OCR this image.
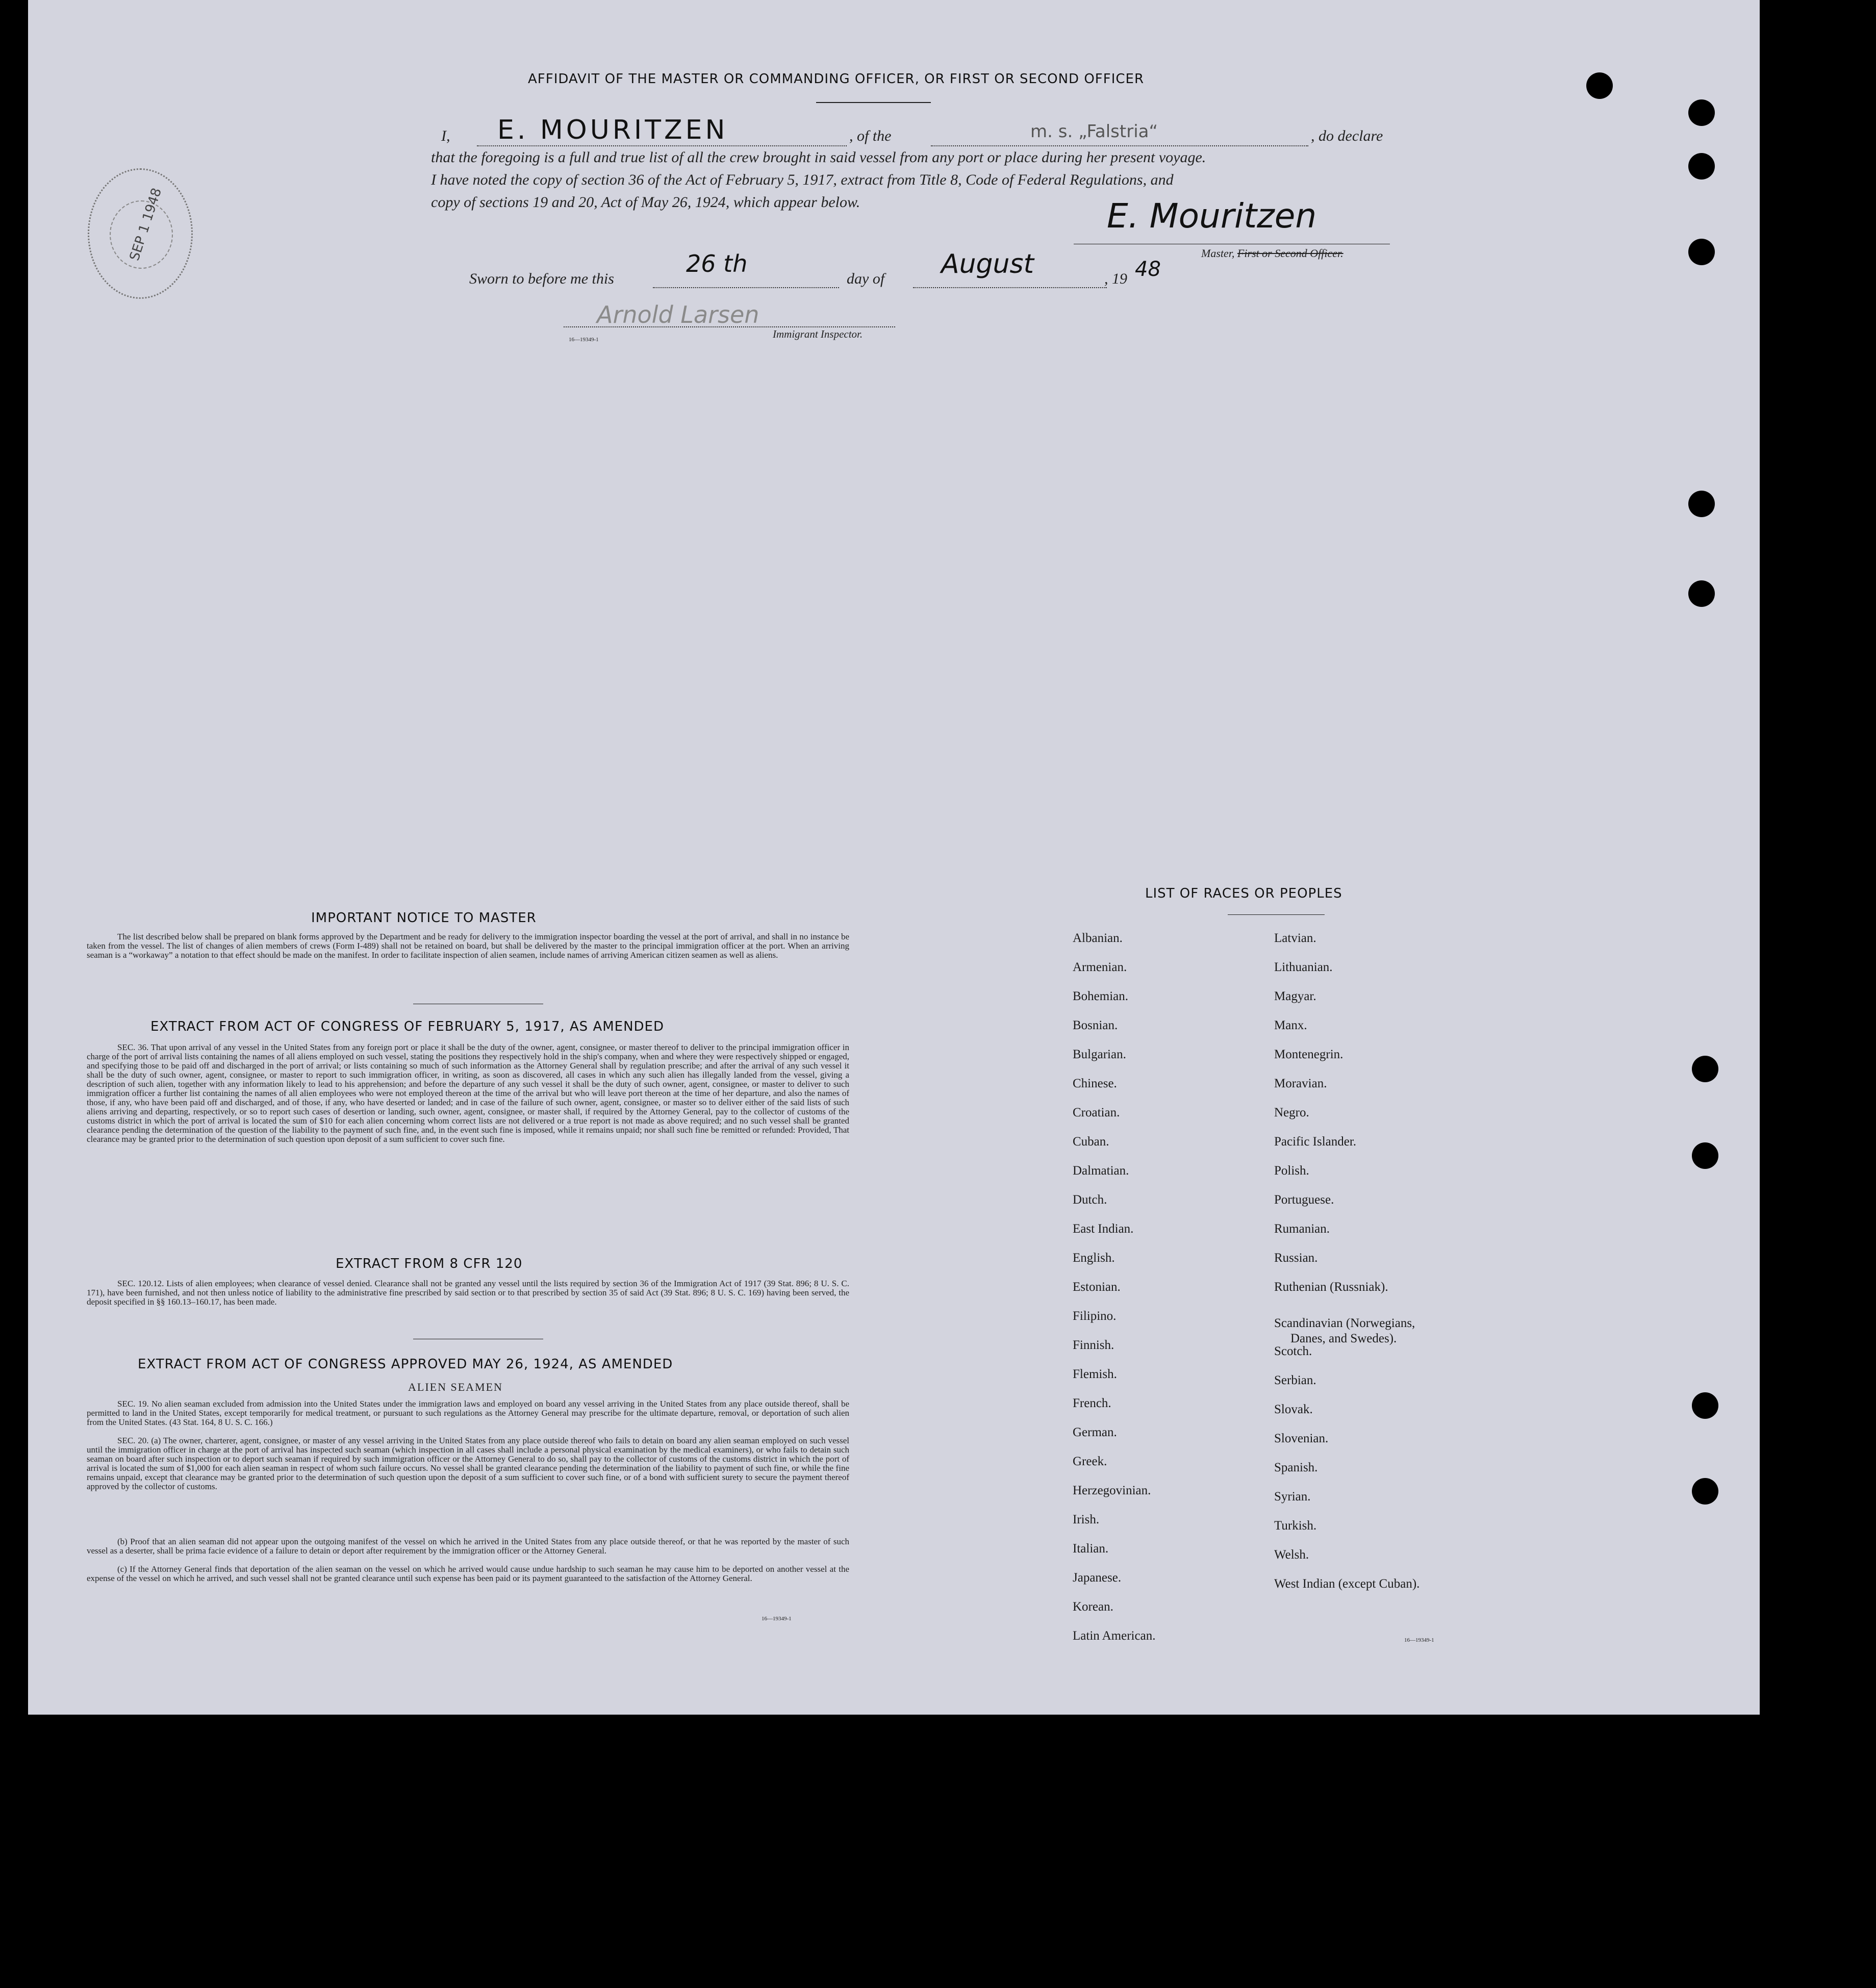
AFFIDAVIT OF THE MASTER OR COMMANDING OFFICER, OR FIRST OR SECOND OFFICER
I, E. MOURITZEN	, of the	m. s. „Falstria“	, do declare
that the foregoing is a full and true list of all the crew brought in said vessel from any port or place during her present voyage.
I have noted the copy of section 36 of the Act of February 5, 1917, extract from Title 8, Code of Federal Regulations, and
copy of sections 19 and 20, Act of May 26, 1924, which appear below.	E. Mouritzen
Master, First or Second Officer.
Sworn to before me this
26 th
day of August	, 19 48
Arnold Larsen
Immigrant Inspector.
16—19349-1
SEP 1 1948
IMPORTANT NOTICE TO MASTER
The list described below shall be prepared on blank forms approved by the Department and be ready for delivery to the immigration inspector boarding the vessel at the port of arrival, and shall in no instance be taken from the vessel. The list of changes of alien members of crews (Form I-489) shall not be retained on board, but shall be delivered by the master to the principal immigration officer at the port. When an arriving seaman is a “workaway” a notation to that effect should be made on the manifest. In order to facilitate inspection of alien seamen, include names of arriving American citizen seamen as well as aliens.
EXTRACT FROM ACT OF CONGRESS OF FEBRUARY 5, 1917, AS AMENDED
SEC. 36. That upon arrival of any vessel in the United States from any foreign port or place it shall be the duty of the owner, agent, consignee, or master thereof to deliver to the principal immigration officer in charge of the port of arrival lists containing the names of all aliens employed on such vessel, stating the positions they respectively hold in the ship's company, when and where they were respectively shipped or engaged, and specifying those to be paid off and discharged in the port of arrival; or lists containing so much of such information as the Attorney General shall by regulation prescribe; and after the arrival of any such vessel it shall be the duty of such owner, agent, consignee, or master to report to such immigration officer, in writing, as soon as discovered, all cases in which any such alien has illegally landed from the vessel, giving a description of such alien, together with any information likely to lead to his apprehension; and before the departure of any such vessel it shall be the duty of such owner, agent, consignee, or master to deliver to such immigration officer a further list containing the names of all alien employees who were not employed thereon at the time of the arrival but who will leave port thereon at the time of her departure, and also the names of those, if any, who have been paid off and discharged, and of those, if any, who have deserted or landed; and in case of the failure of such owner, agent, consignee, or master so to deliver either of the said lists of such aliens arriving and departing, respectively, or so to report such cases of desertion or landing, such owner, agent, consignee, or master shall, if required by the Attorney General, pay to the collector of customs of the customs district in which the port of arrival is located the sum of $10 for each alien concerning whom correct lists are not delivered or a true report is not made as above required; and no such vessel shall be granted clearance pending the determination of the question of the liability to the payment of such fine, and, in the event such fine is imposed, while it remains unpaid; nor shall such fine be remitted or refunded: Provided, That clearance may be granted prior to the determination of such question upon deposit of a sum sufficient to cover such fine.
EXTRACT FROM 8 CFR 120
SEC. 120.12. Lists of alien employees; when clearance of vessel denied. Clearance shall not be granted any vessel until the lists required by section 36 of the Immigration Act of 1917 (39 Stat. 896; 8 U. S. C. 171), have been furnished, and not then unless notice of liability to the administrative fine prescribed by said section or to that prescribed by section 35 of said Act (39 Stat. 896; 8 U. S. C. 169) having been served, the deposit specified in §§ 160.13–160.17, has been made.
EXTRACT FROM ACT OF CONGRESS APPROVED MAY 26, 1924, AS AMENDED
ALIEN SEAMEN
SEC. 19. No alien seaman excluded from admission into the United States under the immigration laws and employed on board any vessel arriving in the United States from any place outside thereof, shall be permitted to land in the United States, except temporarily for medical treatment, or pursuant to such regulations as the Attorney General may prescribe for the ultimate departure, removal, or deportation of such alien from the United States. (43 Stat. 164, 8 U. S. C. 166.)
SEC. 20. (a) The owner, charterer, agent, consignee, or master of any vessel arriving in the United States from any place outside thereof who fails to detain on board any alien seaman employed on such vessel until the immigration officer in charge at the port of arrival has inspected such seaman (which inspection in all cases shall include a personal physical examination by the medical examiners), or who fails to detain such seaman on board after such inspection or to deport such seaman if required by such immigration officer or the Attorney General to do so, shall pay to the collector of customs of the customs district in which the port of arrival is located the sum of $1,000 for each alien seaman in respect of whom such failure occurs. No vessel shall be granted clearance pending the determination of the liability to payment of such fine, or while the fine remains unpaid, except that clearance may be granted prior to the determination of such question upon the deposit of a sum sufficient to cover such fine, or of a bond with sufficient surety to secure the payment thereof approved by the collector of customs.
(b) Proof that an alien seaman did not appear upon the outgoing manifest of the vessel on which he arrived in the United States from any place outside thereof, or that he was reported by the master of such vessel as a deserter, shall be prima facie evidence of a failure to detain or deport after requirement by the immigration officer or the Attorney General.
(c) If the Attorney General finds that deportation of the alien seaman on the vessel on which he arrived would cause undue hardship to such seaman he may cause him to be deported on another vessel at the expense of the vessel on which he arrived, and such vessel shall not be granted clearance until such expense has been paid or its payment guaranteed to the satisfaction of the Attorney General.
16—19349-1
LIST OF RACES OR PEOPLES
Albanian.
Armenian.
Bohemian.
Bosnian.
Bulgarian.
Chinese.
Croatian.
Cuban.
Dalmatian.
Dutch.
East Indian.
English.
Estonian.
Filipino.
Finnish.
Flemish.
French.
German.
Greek.
Herzegovinian.
Irish.
Italian.
Japanese.
Korean.
Latin American.
Latvian.
Lithuanian.
Magyar.
Manx.
Montenegrin.
Moravian.
Negro.
Pacific Islander.
Polish.
Portuguese.
Rumanian.
Russian.
Ruthenian (Russniak).
Scandinavian (Norwegians,
Danes, and Swedes).
Scotch.
Serbian.
Slovak.
Slovenian.
Spanish.
Syrian.
Turkish.
Welsh.
West Indian (except Cuban).
16—19349-1
